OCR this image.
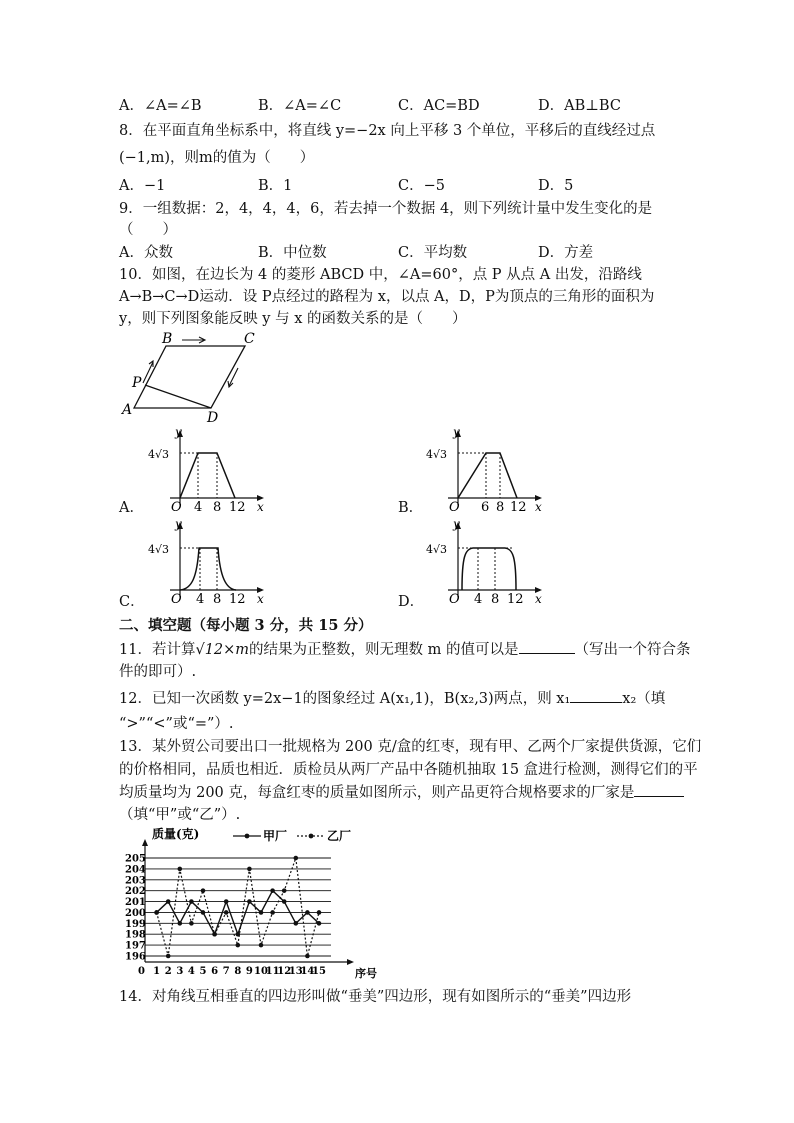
A．∠A=∠B	B．∠A=∠C	C．AC=BD	D．AB⊥BC
8．在平面直角坐标系中，将直线 y=−2x 向上平移 3 个单位，平移后的直线经过点
(−1,m)，则m的值为（　　）
A．−1	B．1	C．−5	D．5
9．一组数据：2，4，4，4，6，若去掉一个数据 4，则下列统计量中发生变化的是
（　　）
A．众数	B．中位数	C．平均数	D．方差
10．如图，在边长为 4 的菱形 ABCD 中，∠A=60°，点 P 从点 A 出发，沿路线
A→B→C→D运动．设 P点经过的路程为 x，以点 A，D，P为顶点的三角形的面积为
y，则下列图象能反映 y 与 x 的函数关系的是（　　）
A
B	C
D
P
4√3
y
x
O 4 8 12
A．
4√3
y
x
O 6 8 12
B．
4√3
y
x
O 4 8 12
C．
4√3
y
x
O 4 8 12
D．
二、填空题（每小题 3 分，共 15 分）
11．若计算√12×m的结果为正整数，则无理数 m 的值可以是	（写出一个符合条
件的即可）.
12．已知一次函数 y=2x−1的图象经过 A(x₁,1)，B(x₂,3)两点，则 x₁	x₂（填
“>”“<”或“=”）.
13．某外贸公司要出口一批规格为 200 克/盒的红枣，现有甲、乙两个厂家提供货源，它们
的价格相同，品质也相近．质检员从两厂产品中各随机抽取 15 盒进行检测，测得它们的平
均质量均为 200 克，每盒红枣的质量如图所示，则产品更符合规格要求的厂家是
（填“甲”或“乙”）.
196
197
198
199
200
201
202
203
204
205
0 1 2 3 4 5 6 7 8 9 10
11
12
13
14
15
质量(克)
序号
甲厂	乙厂
14．对角线互相垂直的四边形叫做“垂美”四边形，现有如图所示的“垂美”四边形
